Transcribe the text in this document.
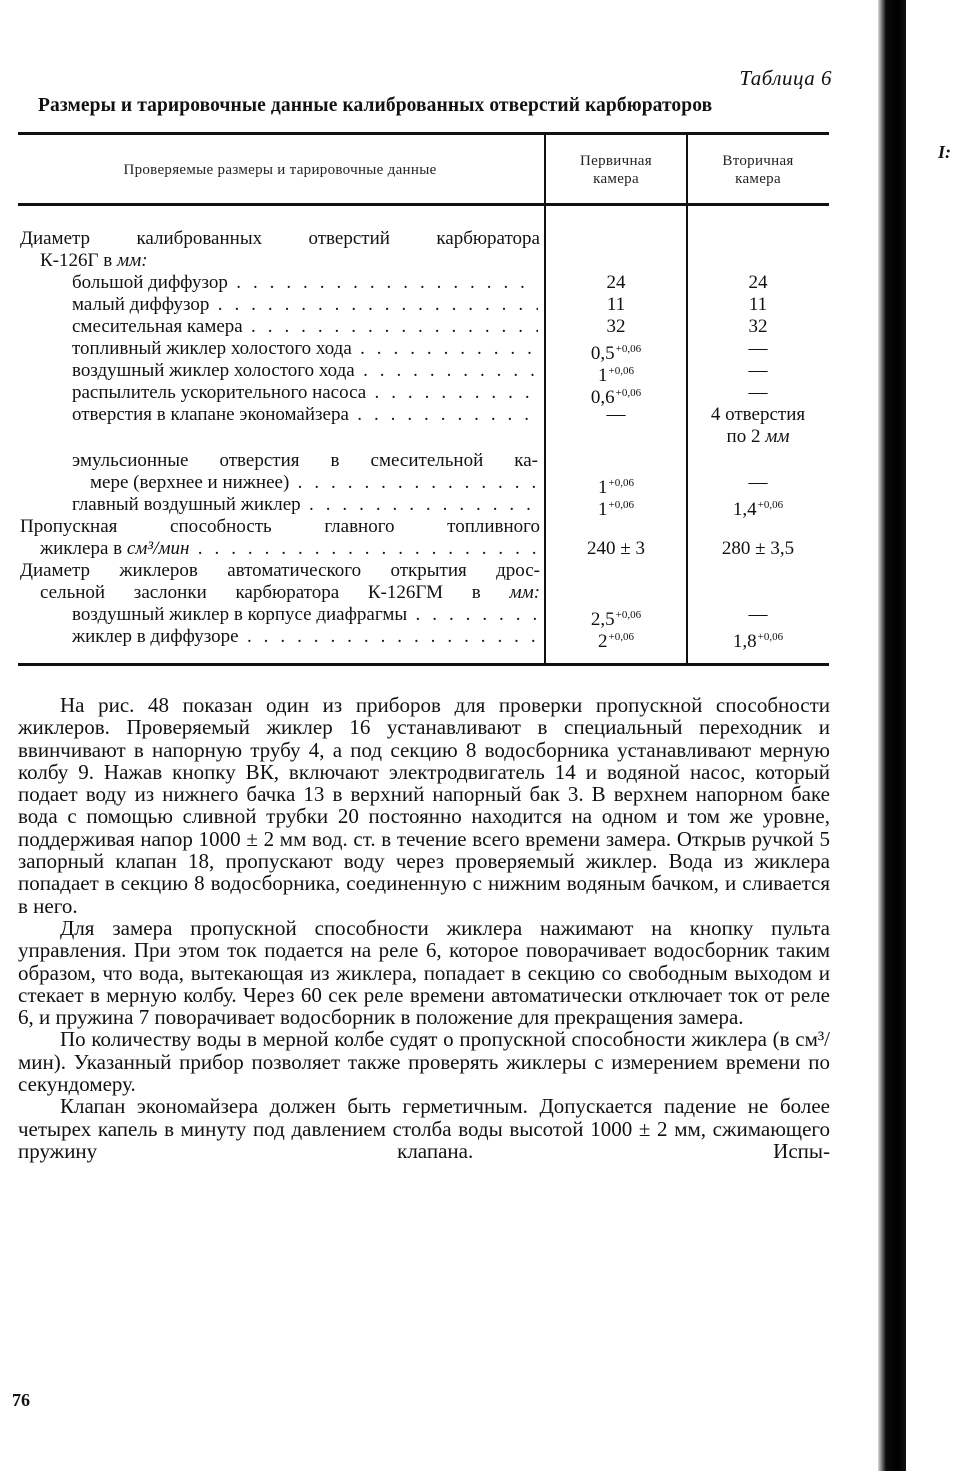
I:
Таблица 6
Размеры и тарировочные данные калиброванных отверстий карбюраторов
Проверяемые размеры и тарировочные данные
Первичная
камера
Вторичная
камера
Диаметр калиброванных отверстий карбюратора
К-126Г в мм:
большой диффузор . . .	24	24
малый диффузор . . .	11	11
смесительная камера . . .	32	32
топливный жиклер холостого хода . . .	$0,5^{+0,06}$	—
воздушный жиклер холостого хода . . .	$1^{+0,06}$	—
распылитель ускорительного насоса . . .	$0,6^{+0,06}$	—
отверстия в клапане экономайзера . . .	—	4 отверстия
по 2 мм
эмульсионные отверстия в смесительной ка-
мере (верхнее и нижнее) . . .	$1^{+0,06}$	—
главный воздушный жиклер . . .	$1^{+0,06}$	$1,4^{+0,06}$
Пропускная способность главного топливного
жиклера в см³/мин . . .	240 ± 3	280 ± 3,5
Диаметр жиклеров автоматического открытия дрос-
сельной заслонки карбюратора К-126ГМ в мм:
воздушный жиклер в корпусе диафрагмы . . .	$2,5^{+0,06}$	—
жиклер в диффузоре . . .	$2^{+0,06}$	$1,8^{+0,06}$

На рис. 48 показан один из приборов для проверки пропускной способности жиклеров. Проверяемый жиклер 16 устанавливают в специальный переходник и ввинчивают в напорную трубу 4, а под секцию 8 водосборника устанавливают мерную колбу 9. Нажав кнопку ВК, включают электродвигатель 14 и водяной насос, который подает воду из нижнего бачка 13 в верхний напорный бак 3. В верхнем напорном баке вода с помощью сливной трубки 20 постоянно находится на одном и том же уровне, поддерживая напор 1000 ± 2 мм вод. ст. в течение всего времени замера. Открыв ручкой 5 запорный клапан 18, пропускают воду через проверяемый жиклер. Вода из жиклера попадает в секцию 8 водосборника, соединенную с нижним водяным бачком, и сливается в него.

Для замера пропускной способности жиклера нажимают на кнопку пульта управления. При этом ток подается на реле 6, которое поворачивает водосборник таким образом, что вода, вытекающая из жиклера, попадает в секцию со свободным выходом и стекает в мерную колбу. Через 60 сек реле времени автоматически отключает ток от реле 6, и пружина 7 поворачивает водосборник в положение для прекращения замера.

По количеству воды в мерной колбе судят о пропускной способности жиклера (в см³/мин). Указанный прибор позволяет также проверять жиклеры с измерением времени по секундомеру.

Клапан экономайзера должен быть герметичным. Допускается падение не более четырех капель в минуту под давлением столба воды высотой 1000 ± 2 мм, сжимающего пружину клапана. Испы-

76
